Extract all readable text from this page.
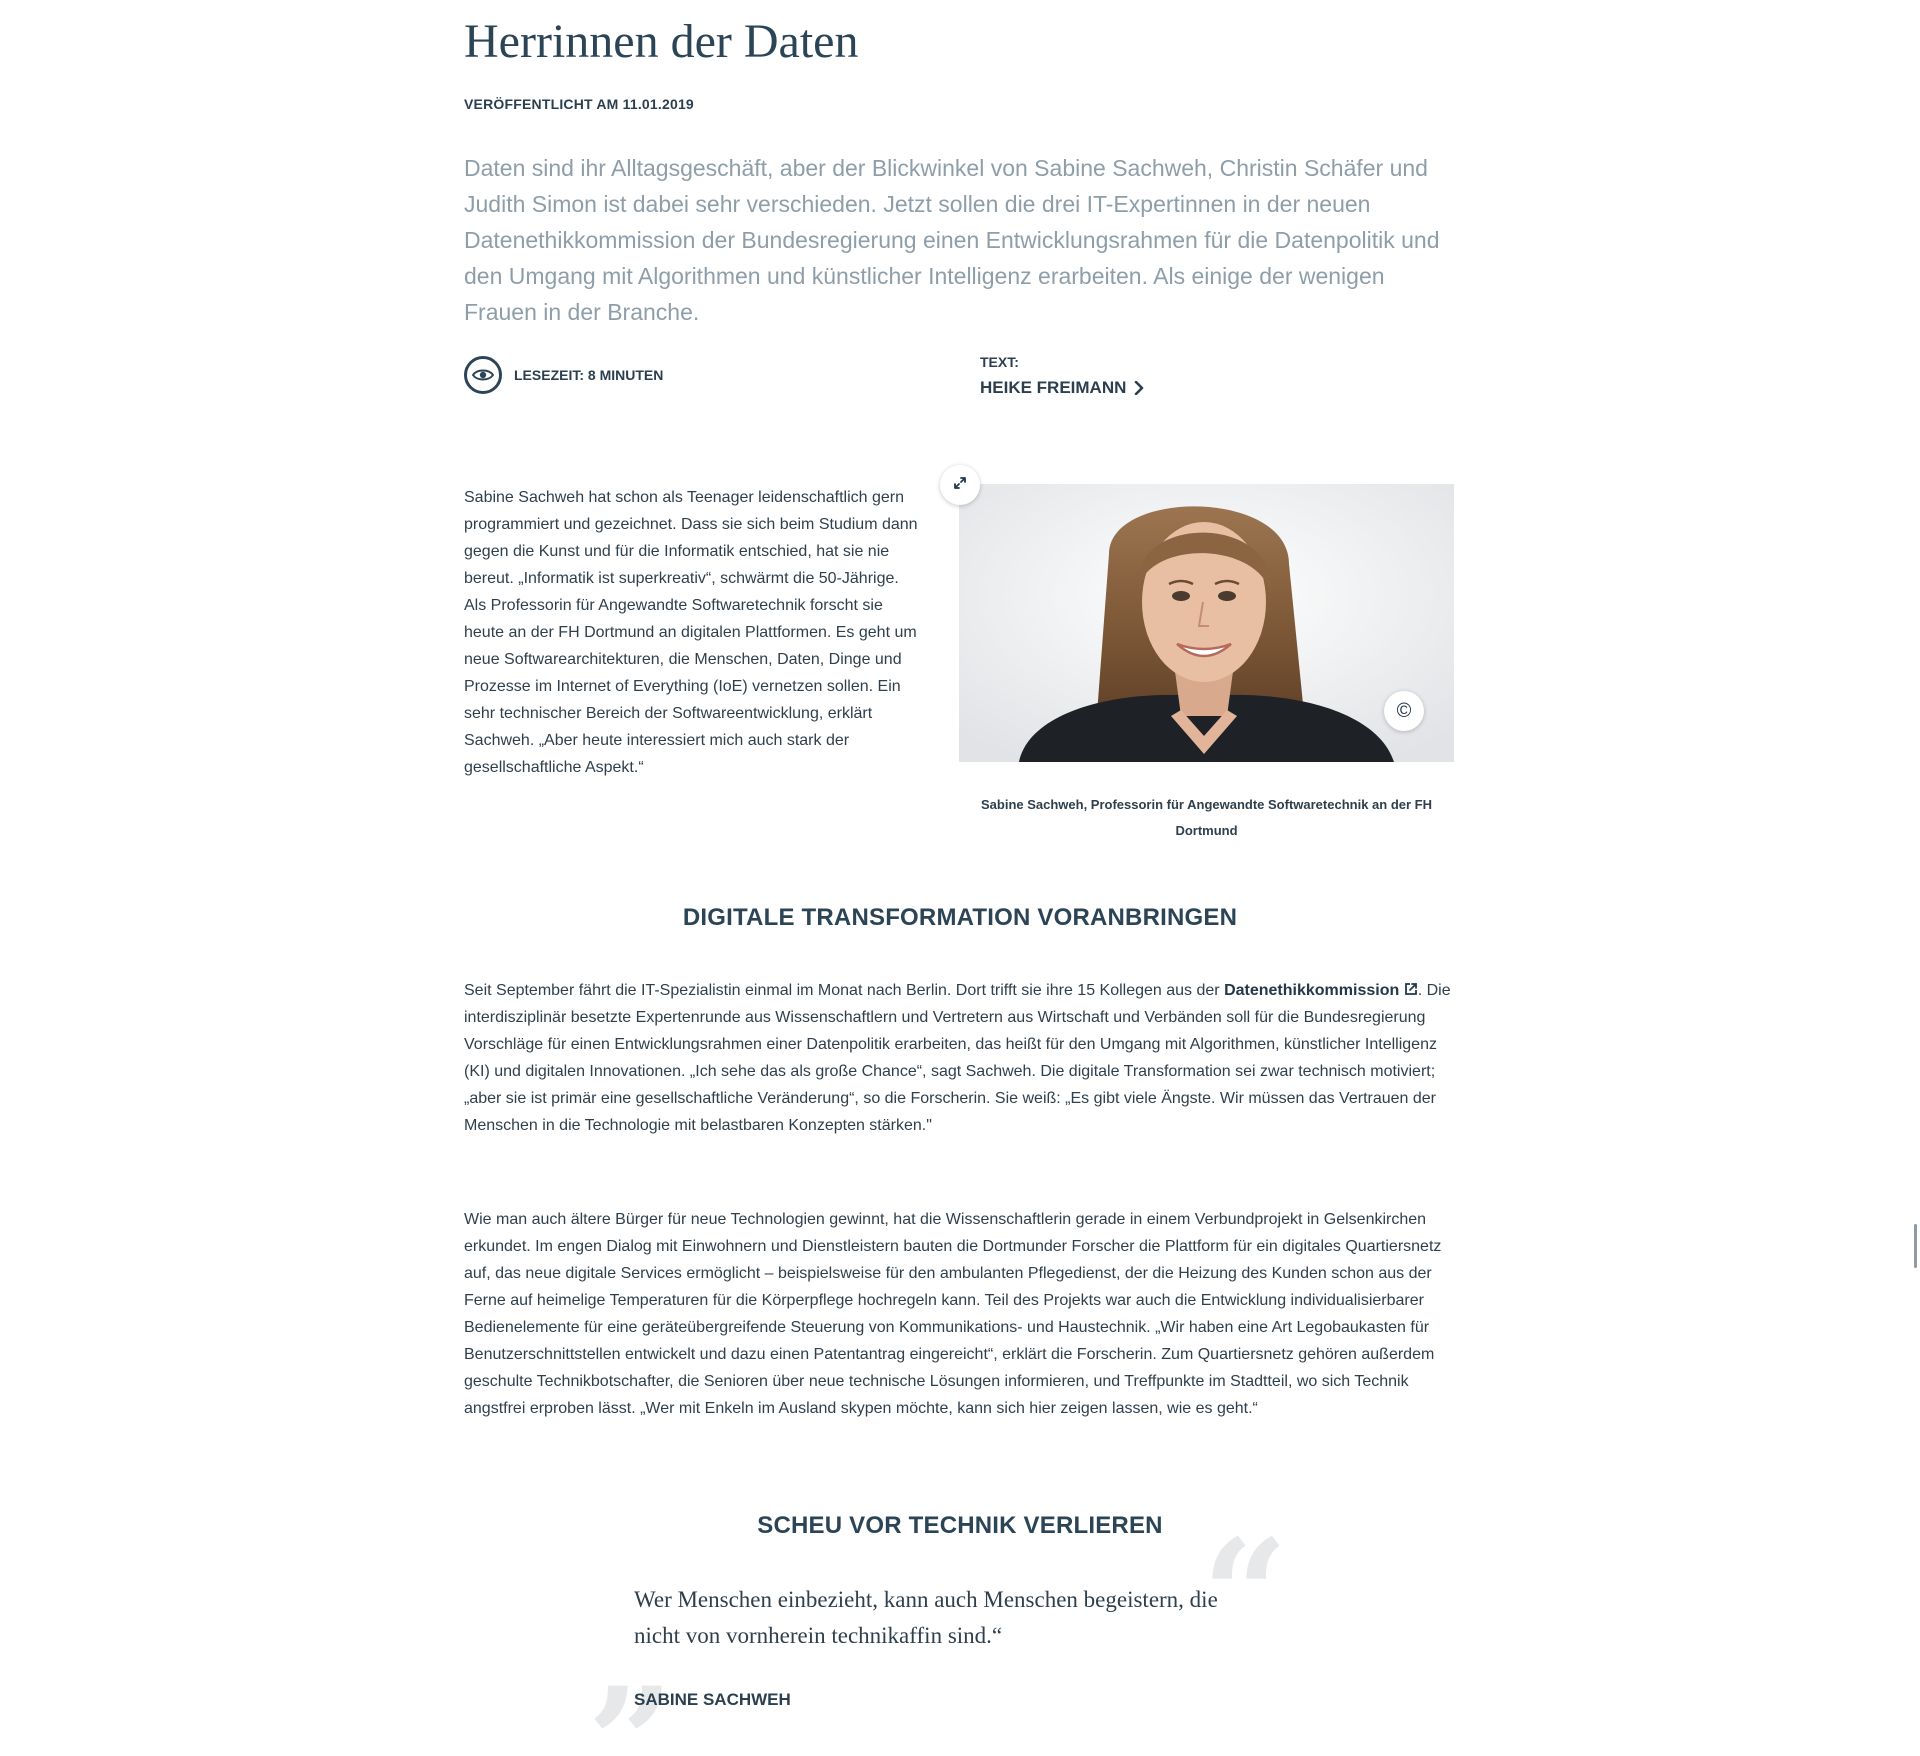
Herrinnen der Daten
VERÖFFENTLICHT AM 11.01.2019

Daten sind ihr Alltagsgeschäft, aber der Blickwinkel von Sabine Sachweh, Christin Schäfer und Judith Simon ist dabei sehr verschieden. Jetzt sollen die drei IT-Expertinnen in der neuen Datenethikkommission der Bundesregierung einen Entwicklungsrahmen für die Datenpolitik und den Umgang mit Algorithmen und künstlicher Intelligenz erarbeiten. Als einige der wenigen Frauen in der Branche.

LESEZEIT: 8 MINUTEN
TEXT:
HEIKE FREIMANN

Sabine Sachweh hat schon als Teenager leidenschaftlich gern programmiert und gezeichnet. Dass sie sich beim Studium dann gegen die Kunst und für die Informatik entschied, hat sie nie bereut. „Informatik ist superkreativ“, schwärmt die 50-Jährige. Als Professorin für Angewandte Softwaretechnik forscht sie heute an der FH Dortmund an digitalen Plattformen. Es geht um neue Softwarearchitekturen, die Menschen, Daten, Dinge und Prozesse im Internet of Everything (IoE) vernetzen sollen. Ein sehr technischer Bereich der Softwareentwicklung, erklärt Sachweh. „Aber heute interessiert mich auch stark der gesellschaftliche Aspekt.“

©
Sabine Sachweh, Professorin für Angewandte Softwaretechnik an der FH Dortmund
DIGITALE TRANSFORMATION VORANBRINGEN

Seit September fährt die IT-Spezialistin einmal im Monat nach Berlin. Dort trifft sie ihre 15 Kollegen aus der Datenethikkommission . Die interdisziplinär besetzte Expertenrunde aus Wissenschaftlern und Vertretern aus Wirtschaft und Verbänden soll für die Bundesregierung Vorschläge für einen Entwicklungsrahmen einer Datenpolitik erarbeiten, das heißt für den Umgang mit Algorithmen, künstlicher Intelligenz (KI) und digitalen Innovationen. „Ich sehe das als große Chance“, sagt Sachweh. Die digitale Transformation sei zwar technisch motiviert; „aber sie ist primär eine gesellschaftliche Veränderung“, so die Forscherin. Sie weiß: „Es gibt viele Ängste. Wir müssen das Vertrauen der Menschen in die Technologie mit belastbaren Konzepten stärken."

Wie man auch ältere Bürger für neue Technologien gewinnt, hat die Wissenschaftlerin gerade in einem Verbundprojekt in Gelsenkirchen erkundet. Im engen Dialog mit Einwohnern und Dienstleistern bauten die Dortmunder Forscher die Plattform für ein digitales Quartiersnetz auf, das neue digitale Services ermöglicht – beispielsweise für den ambulanten Pflegedienst, der die Heizung des Kunden schon aus der Ferne auf heimelige Temperaturen für die Körperpflege hochregeln kann. Teil des Projekts war auch die Entwicklung individualisierbarer Bedienelemente für eine geräteübergreifende Steuerung von Kommunikations- und Haustechnik. „Wir haben eine Art Legobaukasten für Benutzerschnittstellen entwickelt und dazu einen Patentantrag eingereicht“, erklärt die Forscherin. Zum Quartiersnetz gehören außerdem geschulte Technikbotschafter, die Senioren über neue technische Lösungen informieren, und Treffpunkte im Stadtteil, wo sich Technik angstfrei erproben lässt. „Wer mit Enkeln im Ausland skypen möchte, kann sich hier zeigen lassen, wie es geht.“

SCHEU VOR TECHNIK VERLIEREN “
„

Wer Menschen einbezieht, kann auch Menschen begeistern, die nicht von vornherein technikaffin sind.“

SABINE SACHWEH
